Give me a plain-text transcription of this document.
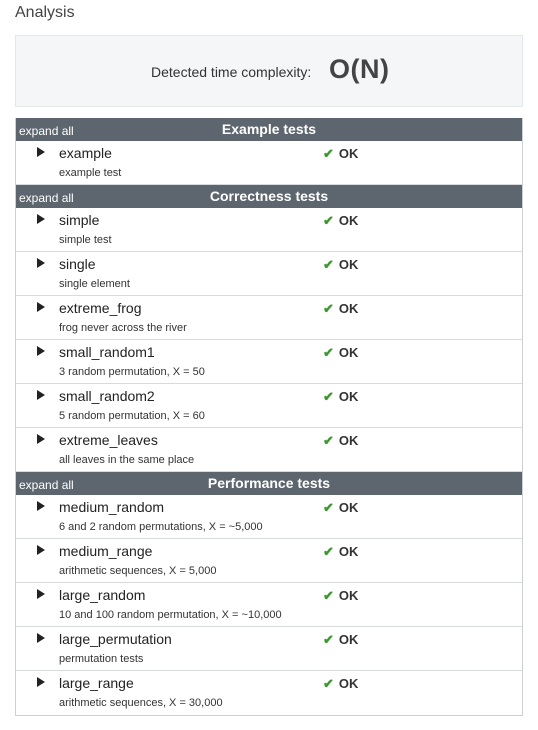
Analysis
Detected time complexity: O(N)
expand all	Example tests
example
example test
✔ OK
expand all	Correctness tests
simple
simple test
✔ OK
single
single element
✔ OK
extreme_frog
frog never across the river
✔ OK
small_random1
3 random permutation, X = 50
✔ OK
small_random2
5 random permutation, X = 60
✔ OK
extreme_leaves
all leaves in the same place
✔ OK
expand all	Performance tests
medium_random
6 and 2 random permutations, X = ~5,000
✔ OK
medium_range
arithmetic sequences, X = 5,000
✔ OK
large_random
10 and 100 random permutation, X = ~10,000
✔ OK
large_permutation
permutation tests
✔ OK
large_range
arithmetic sequences, X = 30,000
✔ OK
